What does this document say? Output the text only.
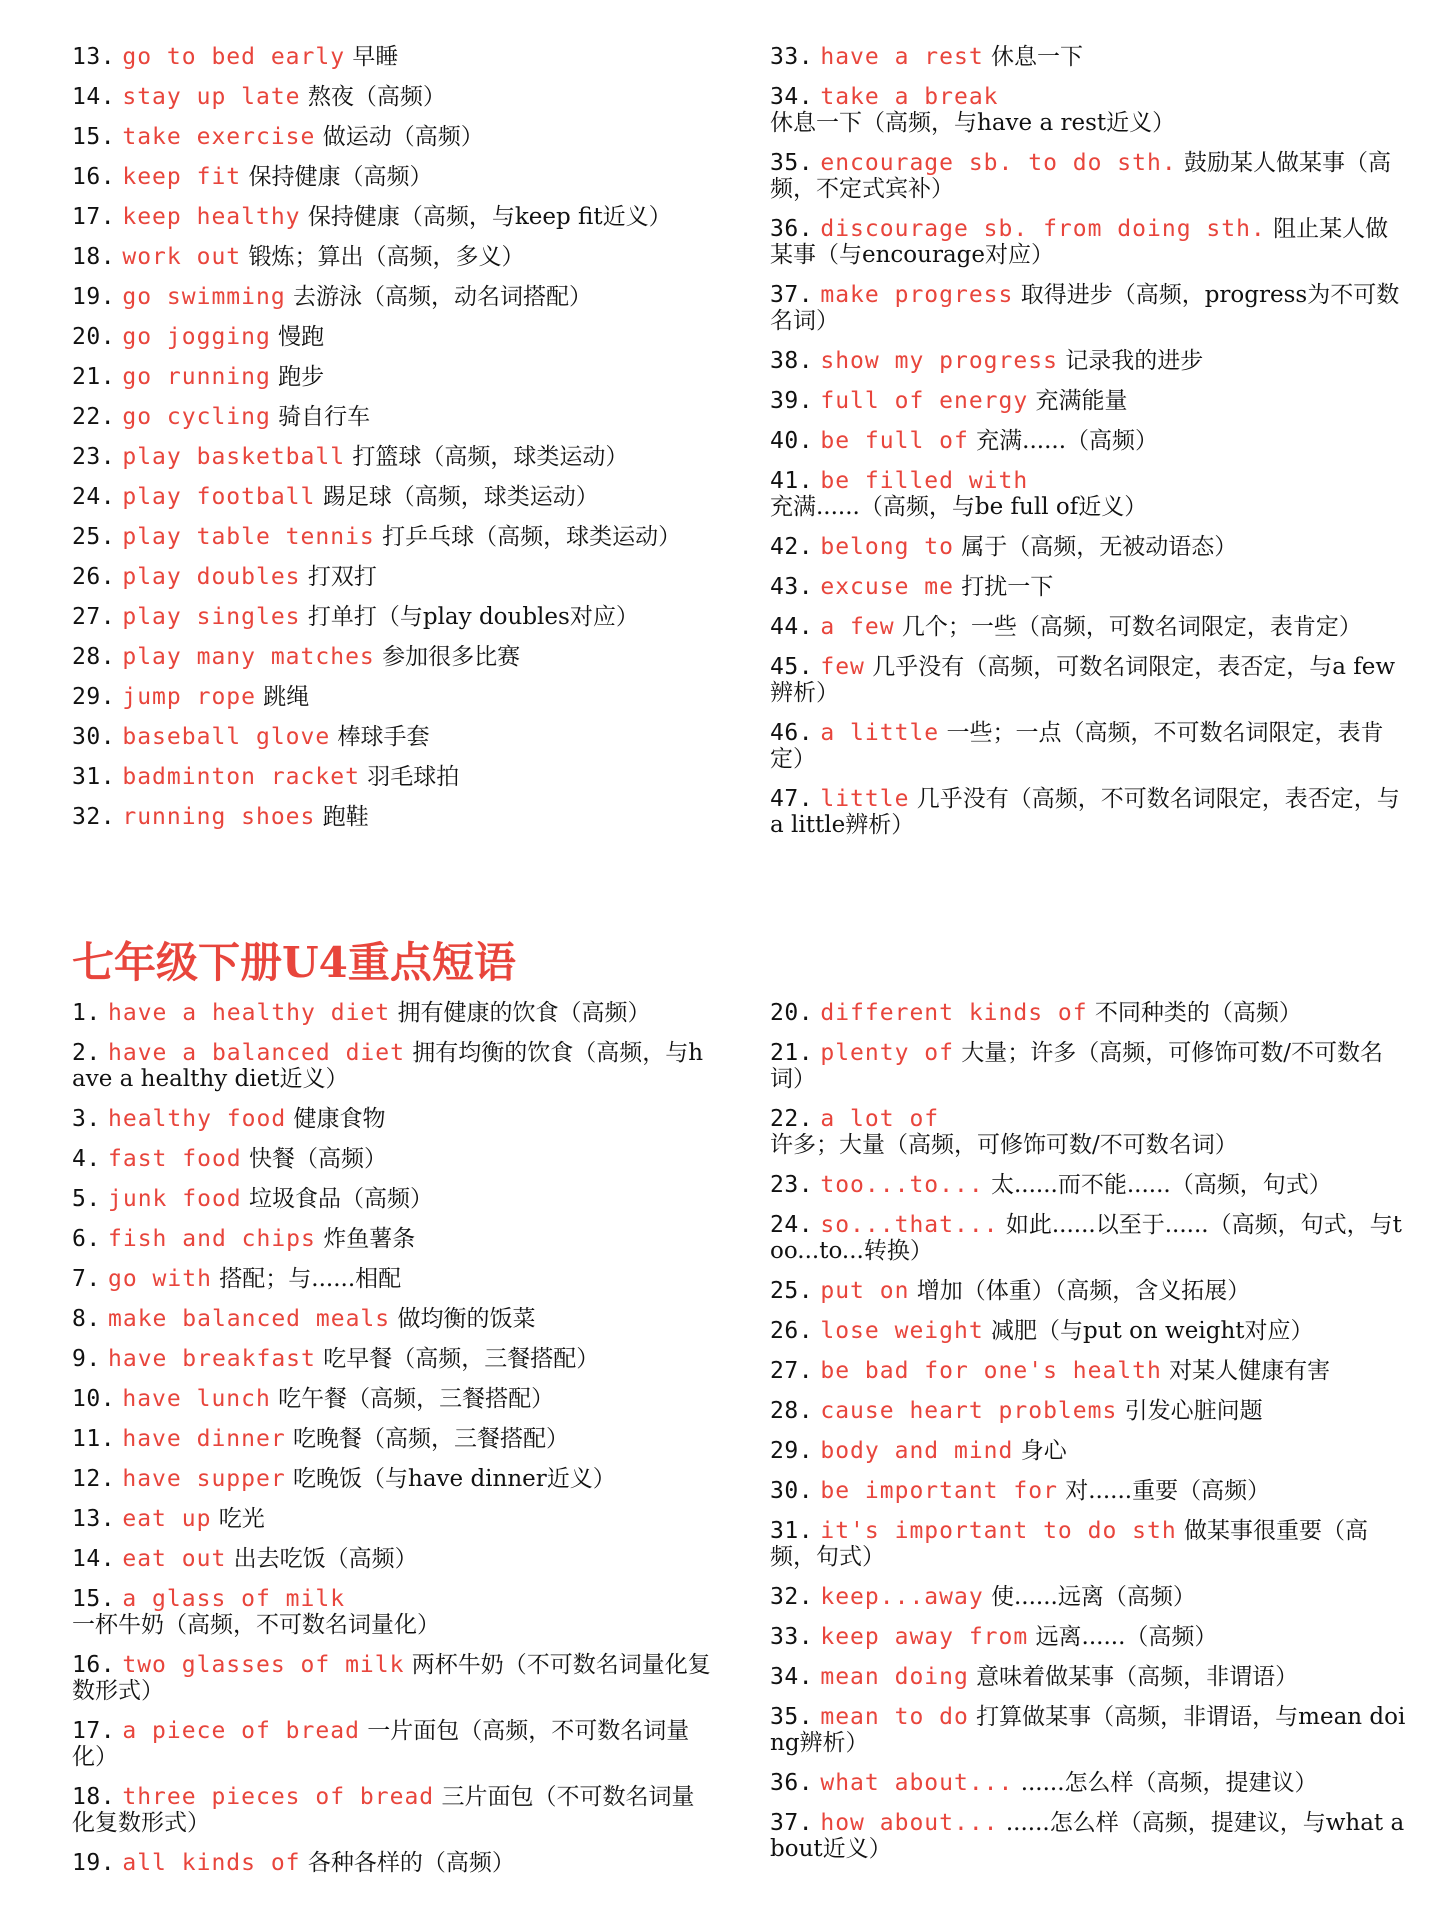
13. go to bed early 早睡
14. stay up late 熬夜（高频）
15. take exercise 做运动（高频）
16. keep fit 保持健康（高频）
17. keep healthy 保持健康（高频，与keep fit近义）
18. work out 锻炼；算出（高频，多义）
19. go swimming 去游泳（高频，动名词搭配）
20. go jogging 慢跑
21. go running 跑步
22. go cycling 骑自行车
23. play basketball 打篮球（高频，球类运动）
24. play football 踢足球（高频，球类运动）
25. play table tennis 打乒乓球（高频，球类运动）
26. play doubles 打双打
27. play singles 打单打（与play doubles对应）
28. play many matches 参加很多比赛
29. jump rope 跳绳
30. baseball glove 棒球手套
31. badminton racket 羽毛球拍
32. running shoes 跑鞋
33. have a rest 休息一下
34. take a break 休息一下（高频，与have a rest近义）
35. encourage sb. to do sth. 鼓励某人做某事（高频，不定式宾补）
36. discourage sb. from doing sth. 阻止某人做某事（与encourage对应）
37. make progress 取得进步（高频，progress为不可数名词）
38. show my progress 记录我的进步
39. full of energy 充满能量
40. be full of 充满......（高频）
41. be filled with 充满......（高频，与be full of近义）
42. belong to 属于（高频，无被动语态）
43. excuse me 打扰一下
44. a few 几个；一些（高频，可数名词限定，表肯定）
45. few 几乎没有（高频，可数名词限定，表否定，与a few辨析）
46. a little 一些；一点（高频，不可数名词限定，表肯定）
47. little 几乎没有（高频，不可数名词限定，表否定，与a little辨析）
七年级下册U4重点短语
1. have a healthy diet 拥有健康的饮食（高频）
2. have a balanced diet 拥有均衡的饮食（高频，与have a healthy diet近义）
3. healthy food 健康食物
4. fast food 快餐（高频）
5. junk food 垃圾食品（高频）
6. fish and chips 炸鱼薯条
7. go with 搭配；与......相配
8. make balanced meals 做均衡的饭菜
9. have breakfast 吃早餐（高频，三餐搭配）
10. have lunch 吃午餐（高频，三餐搭配）
11. have dinner 吃晚餐（高频，三餐搭配）
12. have supper 吃晚饭（与have dinner近义）
13. eat up 吃光
14. eat out 出去吃饭（高频）
15. a glass of milk 一杯牛奶（高频，不可数名词量化）
16. two glasses of milk 两杯牛奶（不可数名词量化复数形式）
17. a piece of bread 一片面包（高频，不可数名词量化）
18. three pieces of bread 三片面包（不可数名词量化复数形式）
19. all kinds of 各种各样的（高频）
20. different kinds of 不同种类的（高频）
21. plenty of 大量；许多（高频，可修饰可数/不可数名词）
22. a lot of 许多；大量（高频，可修饰可数/不可数名词）
23. too...to... 太......而不能......（高频，句式）
24. so...that... 如此......以至于......（高频，句式，与too...to...转换）
25. put on 增加（体重）（高频，含义拓展）
26. lose weight 减肥（与put on weight对应）
27. be bad for one's health 对某人健康有害
28. cause heart problems 引发心脏问题
29. body and mind 身心
30. be important for 对......重要（高频）
31. it's important to do sth 做某事很重要（高频，句式）
32. keep...away 使......远离（高频）
33. keep away from 远离......（高频）
34. mean doing 意味着做某事（高频，非谓语）
35. mean to do 打算做某事（高频，非谓语，与mean doing辨析）
36. what about... ......怎么样（高频，提建议）
37. how about... ......怎么样（高频，提建议，与what about近义）
